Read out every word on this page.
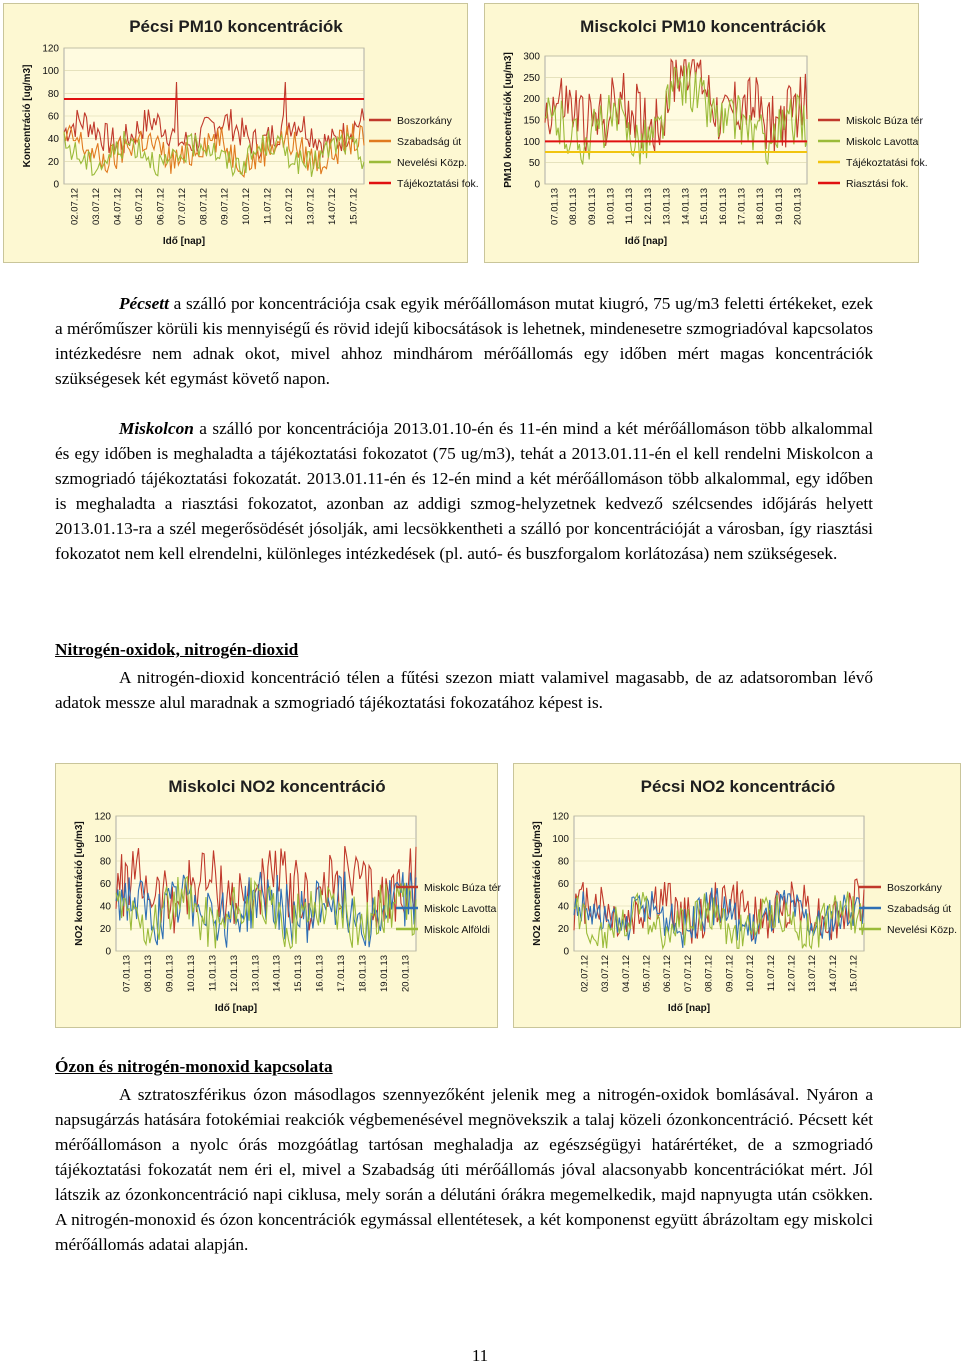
Pécsi PM10 koncentrációk
0
20
40
60
80
100
120
Koncentráció [ug/m3]
02.07.12 03.07.12 04.07.12 05.07.12 06.07.12 07.07.12 08.07.12 09.07.12 10.07.12 11.07.12 12.07.12 13.07.12 14.07.12 15.07.12
Idő [nap]
Boszorkány
Szabadság út
Nevelési Közp.
Tájékoztatási fok.
Misckolci PM10 koncentrációk
0
50
100
150
200
250
300
PM10 koncentrációk [ug/m3]
07.01.13 08.01.13 09.01.13 10.01.13 11.01.13 12.01.13 13.01.13 14.01.13 15.01.13 16.01.13 17.01.13 18.01.13 19.01.13 20.01.13
Idő [nap]
Miskolc Búza tér
Miskolc Lavotta
Tájékoztatási fok.
Riasztási fok.
Miskolci NO2 koncentráció
0
20
40
60
80
100
120
NO2 koncentráció [ug/m3]
07.01.13 08.01.13 09.01.13 10.01.13 11.01.13 12.01.13 13.01.13 14.01.13 15.01.13 16.01.13 17.01.13 18.01.13 19.01.13 20.01.13
Idő [nap]
Miskolc Búza tér
Miskolc Lavotta
Miskolc Alföldi
Pécsi NO2 koncentráció
0
20
40
60
80
100
120
NO2 koncentráció [ug/m3]
02.07.12 03.07.12 04.07.12 05.07.12 06.07.12 07.07.12 08.07.12 09.07.12 10.07.12 11.07.12 12.07.12 13.07.12 14.07.12 15.07.12
Idő [nap]
Boszorkány
Szabadság út
Nevelési Közp.

Pécsett a szálló por koncentrációja csak egyik mérőállomáson mutat kiugró, 75 ug/m3 feletti értékeket, ezek a mérőműszer körüli kis mennyiségű és rövid idejű kibocsátások is lehetnek, mindenesetre szmogriadóval kapcsolatos intézkedésre nem adnak okot, mivel ahhoz mindhárom mérőállomás egy időben mért magas koncentrációk szükségesek két egymást követő napon.

Miskolcon a szálló por koncentrációja 2013.01.10-én és 11-én mind a két mérőállomáson több alkalommal és egy időben is meghaladta a tájékoztatási fokozatot (75 ug/m3), tehát a 2013.01.11-én el kell rendelni Miskolcon a szmogriadó tájékoztatási fokozatát. 2013.01.11-én és 12-én mind a két mérőállomáson több alkalommal, egy időben is meghaladta a riasztási fokozatot, azonban az addigi szmog-helyzetnek kedvező szélcsendes időjárás helyett 2013.01.13-ra a szél megerősödését jósolják, ami lecsökkentheti a szálló por koncentrációját a városban, így riasztási fokozatot nem kell elrendelni, különleges intézkedések (pl. autó- és buszforgalom korlátozása) nem szükségesek.

Nitrogén-oxidok, nitrogén-dioxid

A nitrogén-dioxid koncentráció télen a fűtési szezon miatt valamivel magasabb, de az adatsoromban lévő adatok messze alul maradnak a szmogriadó tájékoztatási fokozatához képest is.

Ózon és nitrogén-monoxid kapcsolata

A sztratoszférikus ózon másodlagos szennyezőként jelenik meg a nitrogén-oxidok bomlásával. Nyáron a napsugárzás hatására fotokémiai reakciók végbemenésével megnövekszik a talaj közeli ózonkoncentráció. Pécsett két mérőállomáson a nyolc órás mozgóátlag tartósan meghaladja az egészségügyi határértéket, de a szmogriadó tájékoztatási fokozatát nem éri el, mivel a Szabadság úti mérőállomás jóval alacsonyabb koncentrációkat mért. Jól látszik az ózonkoncentráció napi ciklusa, mely során a délutáni órákra megemelkedik, majd napnyugta után csökken. A nitrogén-monoxid és ózon koncentrációk egymással ellentétesek, a két komponenst együtt ábrázoltam egy miskolci mérőállomás adatai alapján.

11
